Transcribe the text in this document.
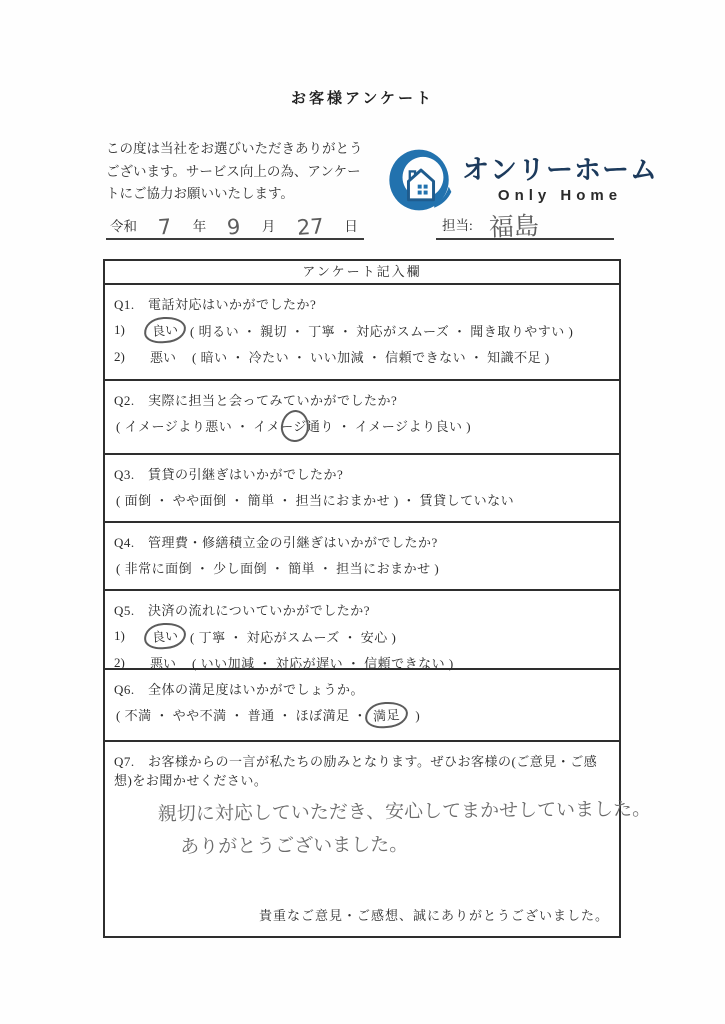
お客様アンケート
この度は当社をお選びいただきありがとう
ございます。サービス向上の為、アンケー
トにご協力お願いいたします。
オンリーホーム
Only Home
令和 7 年 9 月 27 日	担当: 福島
アンケート記入欄
Q1. 電話対応はいかがでしたか?
1)	良い ( 明るい ・ 親切 ・ 丁寧 ・ 対応がスムーズ ・ 聞き取りやすい )
2)	悪い ( 暗い ・ 冷たい ・ いい加減 ・ 信頼できない ・ 知識不足 )
Q2. 実際に担当と会ってみていかがでしたか?
( イメージより悪い ・ イメージ通り
・ イメージより良い )
Q3. 賃貸の引継ぎはいかがでしたか?
( 面倒 ・ やや面倒 ・ 簡単 ・ 担当におまかせ ) ・ 賃貸していない
Q4. 管理費・修繕積立金の引継ぎはいかがでしたか?
( 非常に面倒 ・ 少し面倒 ・ 簡単 ・ 担当におまかせ )
Q5. 決済の流れについていかがでしたか?
1)	良い ( 丁寧 ・ 対応がスムーズ ・ 安心 )
2)	悪い ( いい加減 ・ 対応が遅い ・ 信頼できない )
Q6. 全体の満足度はいかがでしょうか。
( 不満 ・ やや不満 ・ 普通 ・ ほぼ満足 ・ 満足 )
Q7. お客様からの一言が私たちの励みとなります。ぜひお客様の(ご意見・ご感想)をお聞かせください。
親切に対応していただき、安心してまかせしていました。
ありがとうございました。
貴重なご意見・ご感想、誠にありがとうございました。
